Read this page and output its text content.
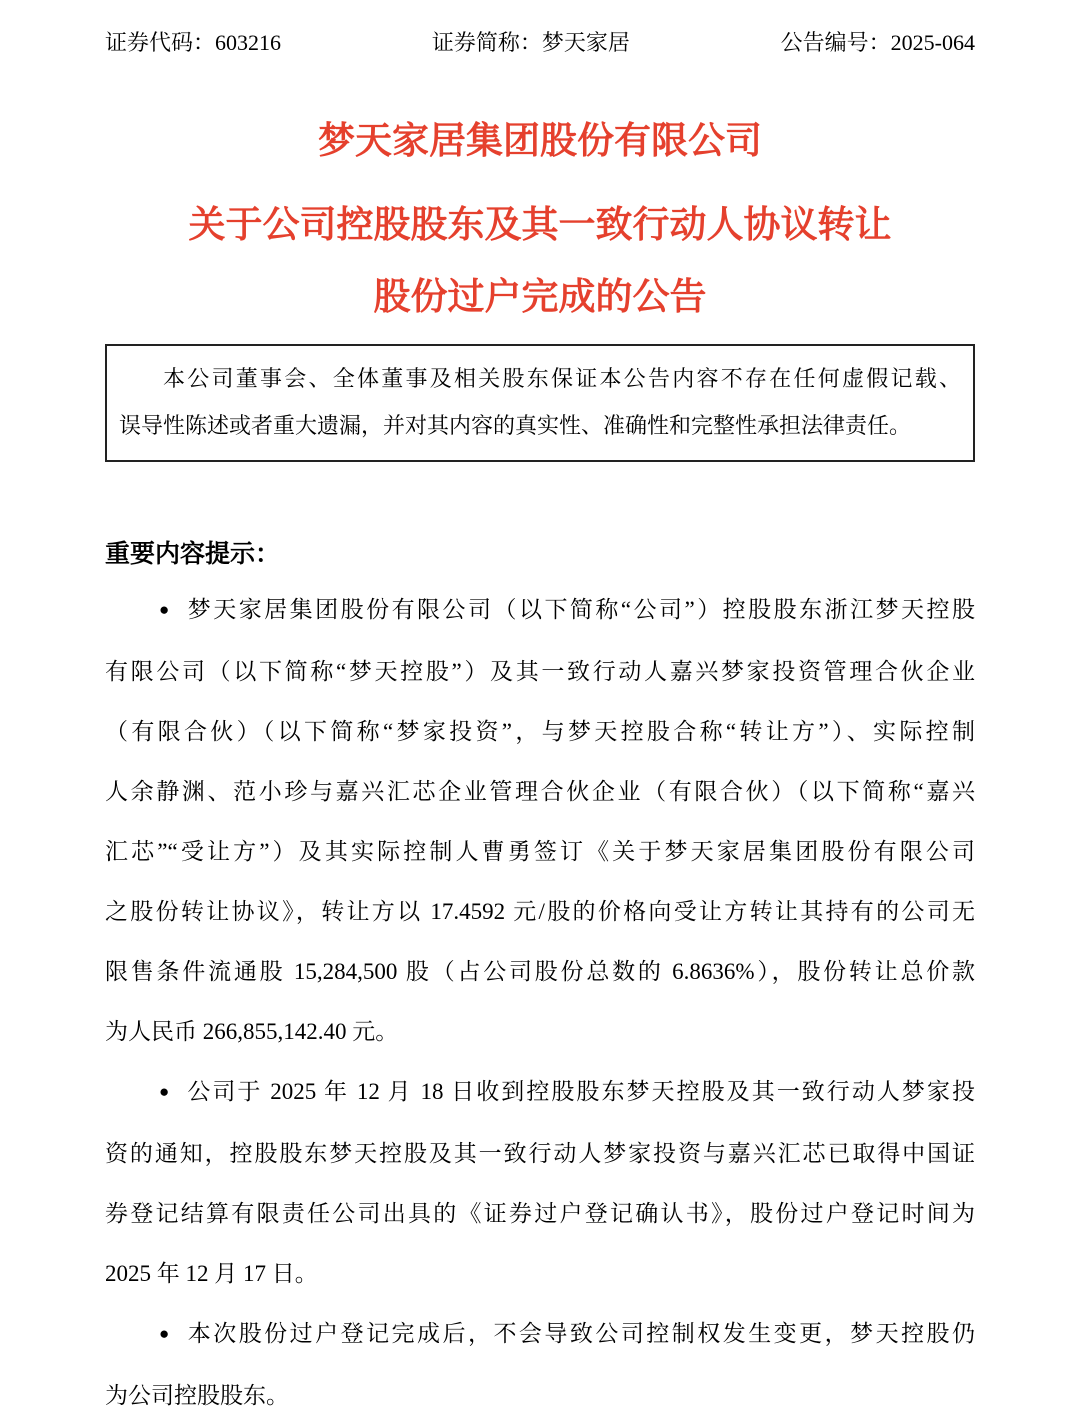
证券代码：603216	证券简称：梦天家居	公告编号：2025-064
梦天家居集团股份有限公司
关于公司控股股东及其一致行动人协议转让
股份过户完成的公告
本公司董事会、全体董事及相关股东保证本公告内容不存在任何虚假记载、
误导性陈述或者重大遗漏，并对其内容的真实性、准确性和完整性承担法律责任。
重要内容提示：
● 梦天家居集团股份有限公司（以下简称“公司”）控股股东浙江梦天控股
有限公司（以下简称“梦天控股”）及其一致行动人嘉兴梦家投资管理合伙企业
（有限合伙）（以下简称“梦家投资”，与梦天控股合称“转让方”）、实际控制
人余静渊、范小珍与嘉兴汇芯企业管理合伙企业（有限合伙）（以下简称“嘉兴
汇芯”“受让方”）及其实际控制人曹勇签订《关于梦天家居集团股份有限公司
之股份转让协议》，转让方以 17.4592 元/股的价格向受让方转让其持有的公司无
限售条件流通股 15,284,500 股（占公司股份总数的 6.8636%），股份转让总价款
为人民币 266,855,142.40 元。
● 公司于 2025 年 12 月 18 日收到控股股东梦天控股及其一致行动人梦家投
资的通知，控股股东梦天控股及其一致行动人梦家投资与嘉兴汇芯已取得中国证
券登记结算有限责任公司出具的《证券过户登记确认书》，股份过户登记时间为
2025 年 12 月 17 日。
● 本次股份过户登记完成后，不会导致公司控制权发生变更，梦天控股仍
为公司控股股东。
